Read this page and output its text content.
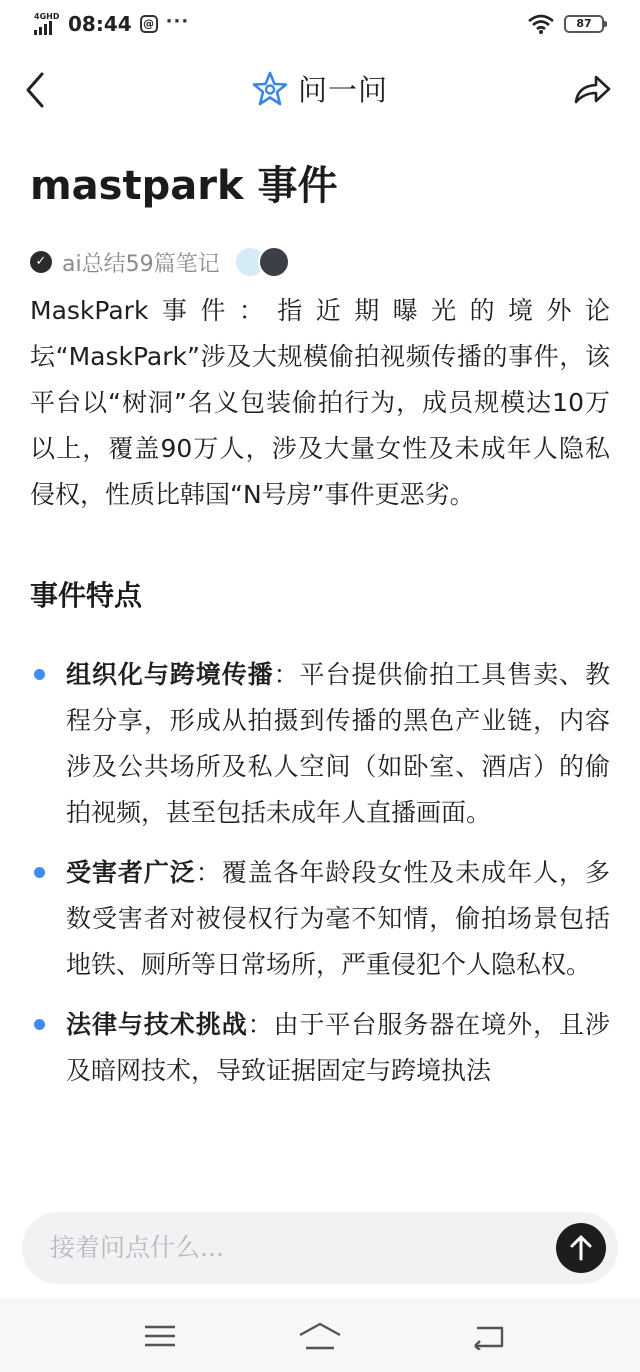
4GHD 08:44	@ ···	87
问一问
mastpark 事件
✓ ai总结59篇笔记

MaskPark事件：指近期曝光的境外论坛“MaskPark”涉及大规模偷拍视频传播的事件，该平台以“树洞”名义包装偷拍行为，成员规模达10万以上，覆盖90万人，涉及大量女性及未成年人隐私侵权，性质比韩国“N号房”事件更恶劣。

事件特点
组织化与跨境传播：平台提供偷拍工具售卖、教程分享，形成从拍摄到传播的黑色产业链，内容涉及公共场所及私人空间（如卧室、酒店）的偷拍视频，甚至包括未成年人直播画面。
受害者广泛：覆盖各年龄段女性及未成年人，多数受害者对被侵权行为毫不知情，偷拍场景包括地铁、厕所等日常场所，严重侵犯个人隐私权。
法律与技术挑战：由于平台服务器在境外，且涉及暗网技术，导致证据固定与跨境执法
接着问点什么...
